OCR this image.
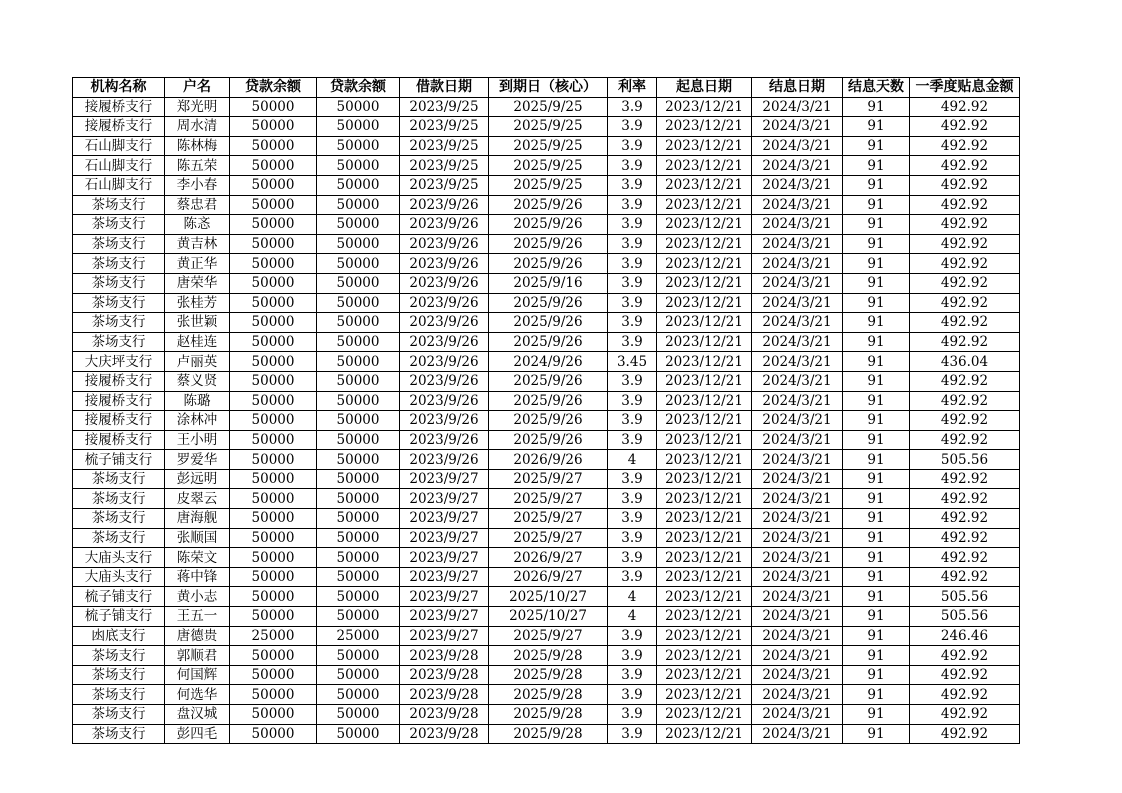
机构名称	户名	贷款余额	贷款余额	借款日期	到期日（核心）	利率	起息日期	结息日期	结息天数	一季度贴息金额
接履桥支行	郑光明	50000	50000	2023/9/25	2025/9/25	3.9	2023/12/21	2024/3/21	91	492.92
接履桥支行	周水清	50000	50000	2023/9/25	2025/9/25	3.9	2023/12/21	2024/3/21	91	492.92
石山脚支行	陈林梅	50000	50000	2023/9/25	2025/9/25	3.9	2023/12/21	2024/3/21	91	492.92
石山脚支行	陈五荣	50000	50000	2023/9/25	2025/9/25	3.9	2023/12/21	2024/3/21	91	492.92
石山脚支行	李小春	50000	50000	2023/9/25	2025/9/25	3.9	2023/12/21	2024/3/21	91	492.92
茶场支行	蔡忠君	50000	50000	2023/9/26	2025/9/26	3.9	2023/12/21	2024/3/21	91	492.92
茶场支行	陈忞	50000	50000	2023/9/26	2025/9/26	3.9	2023/12/21	2024/3/21	91	492.92
茶场支行	黄吉林	50000	50000	2023/9/26	2025/9/26	3.9	2023/12/21	2024/3/21	91	492.92
茶场支行	黄正华	50000	50000	2023/9/26	2025/9/26	3.9	2023/12/21	2024/3/21	91	492.92
茶场支行	唐荣华	50000	50000	2023/9/26	2025/9/16	3.9	2023/12/21	2024/3/21	91	492.92
茶场支行	张桂芳	50000	50000	2023/9/26	2025/9/26	3.9	2023/12/21	2024/3/21	91	492.92
茶场支行	张世颖	50000	50000	2023/9/26	2025/9/26	3.9	2023/12/21	2024/3/21	91	492.92
茶场支行	赵桂连	50000	50000	2023/9/26	2025/9/26	3.9	2023/12/21	2024/3/21	91	492.92
大庆坪支行	卢丽英	50000	50000	2023/9/26	2024/9/26	3.45	2023/12/21	2024/3/21	91	436.04
接履桥支行	蔡义贤	50000	50000	2023/9/26	2025/9/26	3.9	2023/12/21	2024/3/21	91	492.92
接履桥支行	陈璐	50000	50000	2023/9/26	2025/9/26	3.9	2023/12/21	2024/3/21	91	492.92
接履桥支行	涂林冲	50000	50000	2023/9/26	2025/9/26	3.9	2023/12/21	2024/3/21	91	492.92
接履桥支行	王小明	50000	50000	2023/9/26	2025/9/26	3.9	2023/12/21	2024/3/21	91	492.92
梳子铺支行	罗爱华	50000	50000	2023/9/26	2026/9/26	4	2023/12/21	2024/3/21	91	505.56
茶场支行	彭远明	50000	50000	2023/9/27	2025/9/27	3.9	2023/12/21	2024/3/21	91	492.92
茶场支行	皮翠云	50000	50000	2023/9/27	2025/9/27	3.9	2023/12/21	2024/3/21	91	492.92
茶场支行	唐海舰	50000	50000	2023/9/27	2025/9/27	3.9	2023/12/21	2024/3/21	91	492.92
茶场支行	张顺国	50000	50000	2023/9/27	2025/9/27	3.9	2023/12/21	2024/3/21	91	492.92
大庙头支行	陈荣文	50000	50000	2023/9/27	2026/9/27	3.9	2023/12/21	2024/3/21	91	492.92
大庙头支行	蒋中锋	50000	50000	2023/9/27	2026/9/27	3.9	2023/12/21	2024/3/21	91	492.92
梳子铺支行	黄小志	50000	50000	2023/9/27	2025/10/27	4	2023/12/21	2024/3/21	91	505.56
梳子铺支行	王五一	50000	50000	2023/9/27	2025/10/27	4	2023/12/21	2024/3/21	91	505.56
凼底支行	唐德贵	25000	25000	2023/9/27	2025/9/27	3.9	2023/12/21	2024/3/21	91	246.46
茶场支行	郭顺君	50000	50000	2023/9/28	2025/9/28	3.9	2023/12/21	2024/3/21	91	492.92
茶场支行	何国辉	50000	50000	2023/9/28	2025/9/28	3.9	2023/12/21	2024/3/21	91	492.92
茶场支行	何选华	50000	50000	2023/9/28	2025/9/28	3.9	2023/12/21	2024/3/21	91	492.92
茶场支行	盘汉城	50000	50000	2023/9/28	2025/9/28	3.9	2023/12/21	2024/3/21	91	492.92
茶场支行	彭四毛	50000	50000	2023/9/28	2025/9/28	3.9	2023/12/21	2024/3/21	91	492.92
